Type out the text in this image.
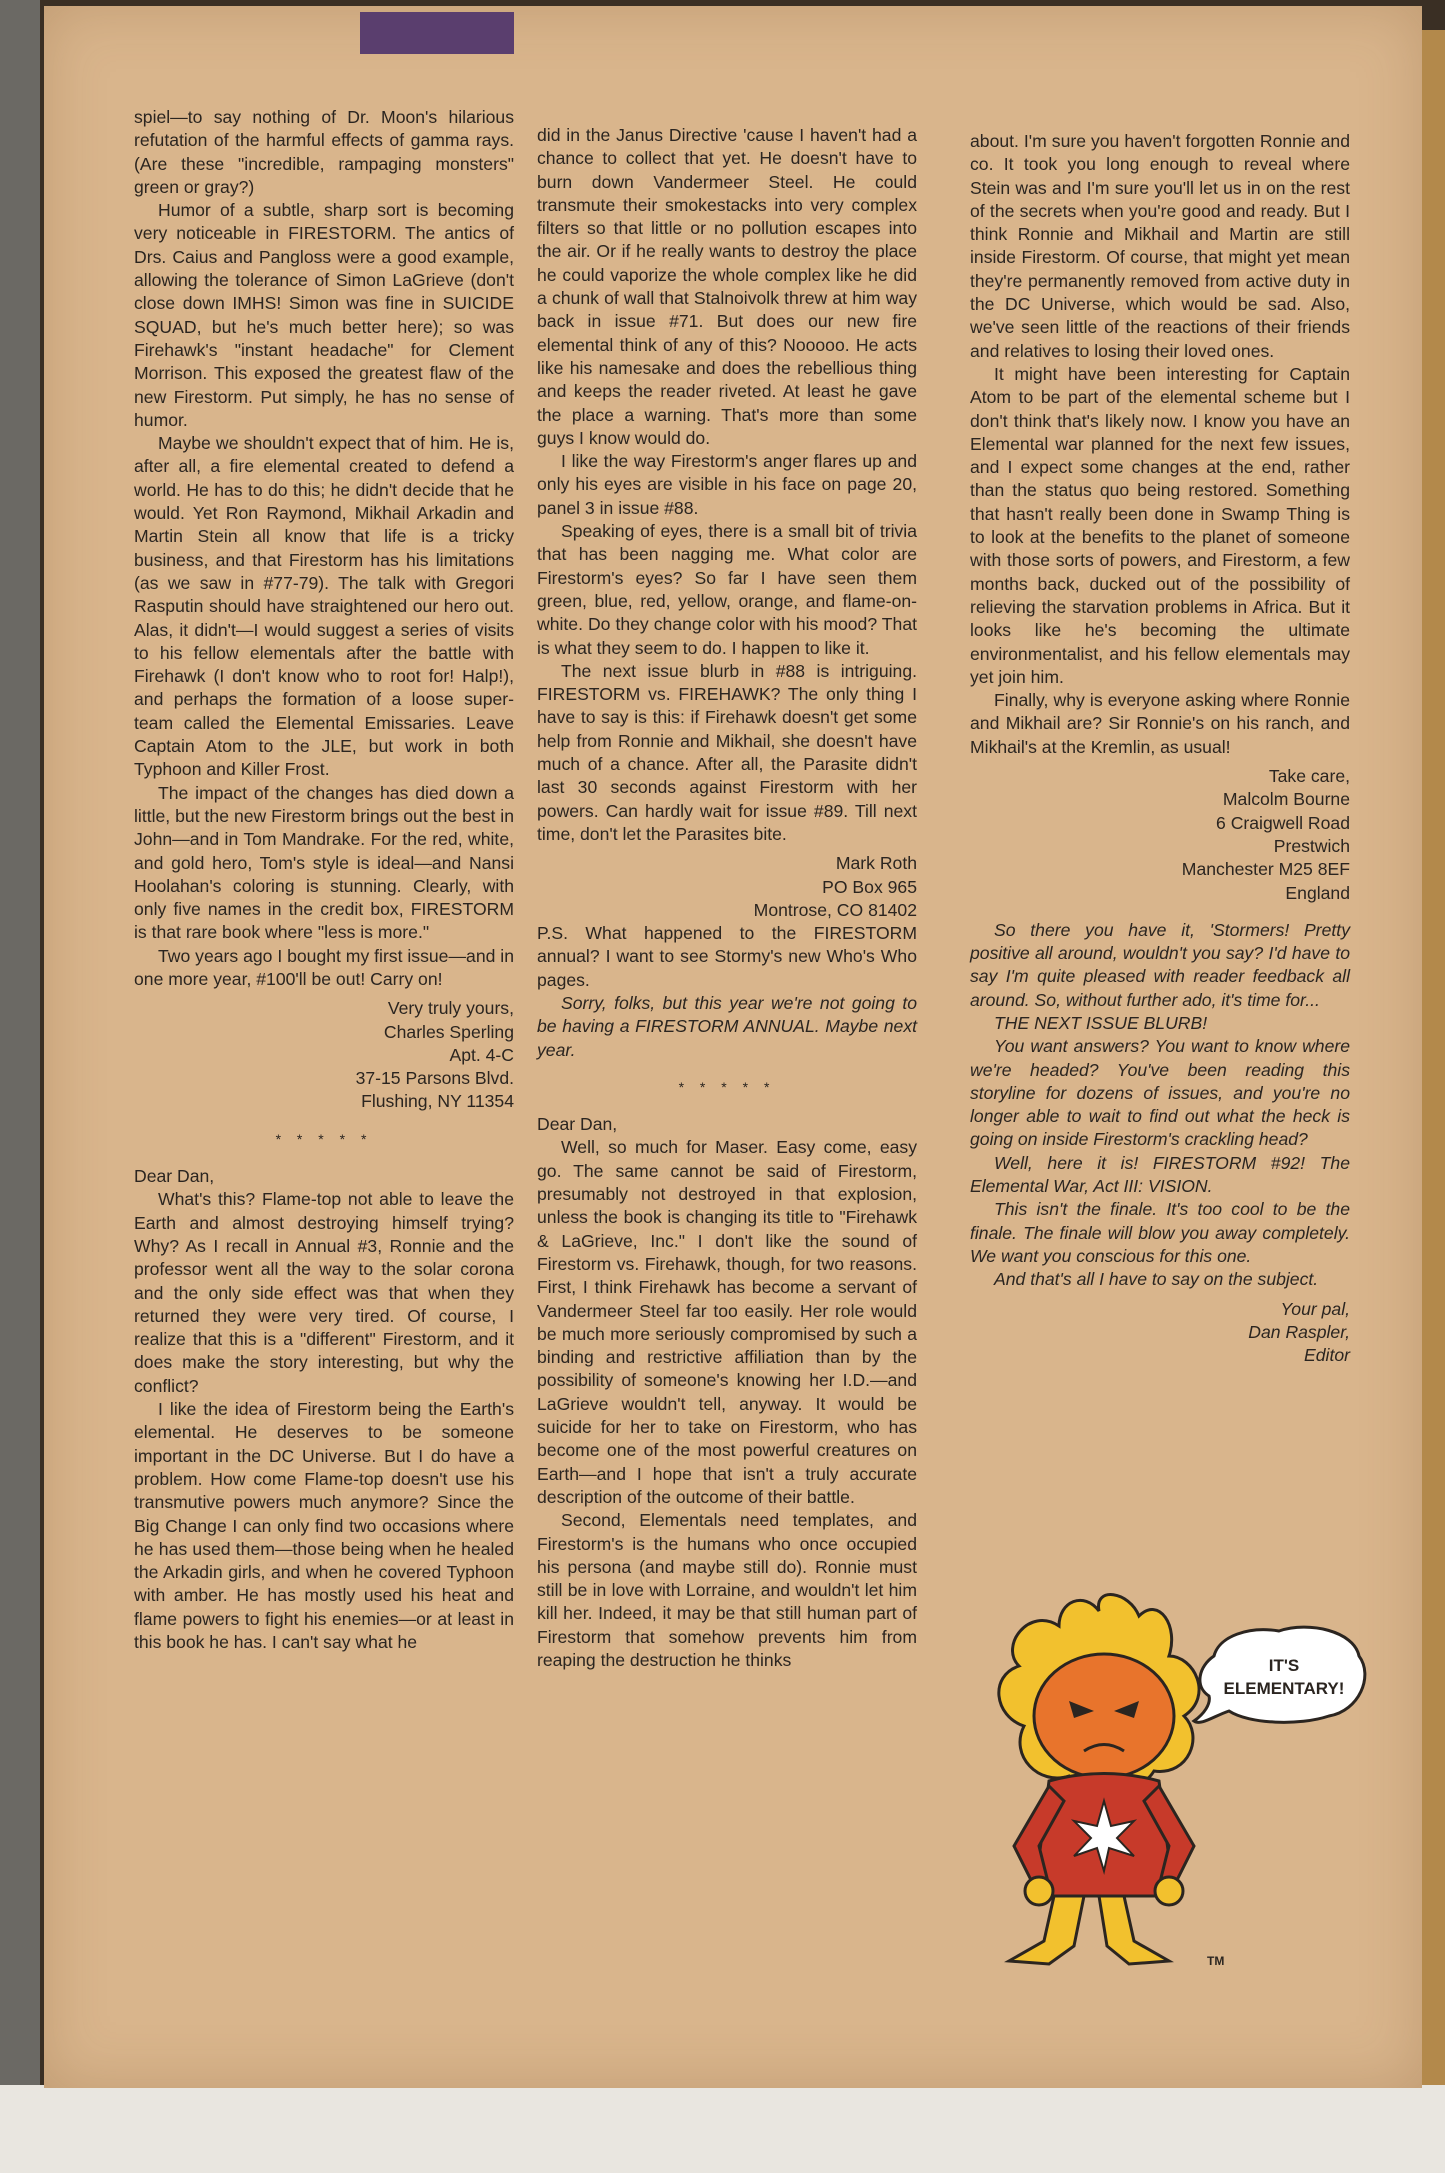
spiel—to say nothing of Dr. Moon's hilarious refutation of the harmful effects of gamma rays. (Are these "incredible, rampaging monsters" green or gray?)

Humor of a subtle, sharp sort is becoming very noticeable in FIRESTORM. The antics of Drs. Caius and Pangloss were a good example, allowing the tolerance of Simon LaGrieve (don't close down IMHS! Simon was fine in SUICIDE SQUAD, but he's much better here); so was Firehawk's "instant headache" for Clement Morrison. This exposed the greatest flaw of the new Firestorm. Put simply, he has no sense of humor.

Maybe we shouldn't expect that of him. He is, after all, a fire elemental created to defend a world. He has to do this; he didn't decide that he would. Yet Ron Raymond, Mikhail Arkadin and Martin Stein all know that life is a tricky business, and that Firestorm has his limitations (as we saw in #77-79). The talk with Gregori Rasputin should have straightened our hero out. Alas, it didn't—I would suggest a series of visits to his fellow elementals after the battle with Firehawk (I don't know who to root for! Halp!), and perhaps the formation of a loose super-team called the Elemental Emissaries. Leave Captain Atom to the JLE, but work in both Typhoon and Killer Frost.

The impact of the changes has died down a little, but the new Firestorm brings out the best in John—and in Tom Mandrake. For the red, white, and gold hero, Tom's style is ideal—and Nansi Hoolahan's coloring is stunning. Clearly, with only five names in the credit box, FIRESTORM is that rare book where "less is more."

Two years ago I bought my first issue—and in one more year, #100'll be out! Carry on!

Very truly yours,
Charles Sperling
Apt. 4-C
37-15 Parsons Blvd.
Flushing, NY 11354
* * * * *

Dear Dan,

What's this? Flame-top not able to leave the Earth and almost destroying himself trying? Why? As I recall in Annual #3, Ronnie and the professor went all the way to the solar corona and the only side effect was that when they returned they were very tired. Of course, I realize that this is a "different" Firestorm, and it does make the story interesting, but why the conflict?

I like the idea of Firestorm being the Earth's elemental. He deserves to be someone important in the DC Universe. But I do have a problem. How come Flame-top doesn't use his transmutive powers much anymore? Since the Big Change I can only find two occasions where he has used them—those being when he healed the Arkadin girls, and when he covered Typhoon with amber. He has mostly used his heat and flame powers to fight his enemies—or at least in this book he has. I can't say what he

did in the Janus Directive 'cause I haven't had a chance to collect that yet. He doesn't have to burn down Vandermeer Steel. He could transmute their smokestacks into very complex filters so that little or no pollution escapes into the air. Or if he really wants to destroy the place he could vaporize the whole complex like he did a chunk of wall that Stalnoivolk threw at him way back in issue #71. But does our new fire elemental think of any of this? Nooooo. He acts like his namesake and does the rebellious thing and keeps the reader riveted. At least he gave the place a warning. That's more than some guys I know would do.

I like the way Firestorm's anger flares up and only his eyes are visible in his face on page 20, panel 3 in issue #88.

Speaking of eyes, there is a small bit of trivia that has been nagging me. What color are Firestorm's eyes? So far I have seen them green, blue, red, yellow, orange, and flame-on-white. Do they change color with his mood? That is what they seem to do. I happen to like it.

The next issue blurb in #88 is intriguing. FIRESTORM vs. FIREHAWK? The only thing I have to say is this: if Firehawk doesn't get some help from Ronnie and Mikhail, she doesn't have much of a chance. After all, the Parasite didn't last 30 seconds against Firestorm with her powers. Can hardly wait for issue #89. Till next time, don't let the Parasites bite.

Mark Roth
PO Box 965
Montrose, CO 81402

P.S. What happened to the FIRESTORM annual? I want to see Stormy's new Who's Who pages.

Sorry, folks, but this year we're not going to be having a FIRESTORM ANNUAL. Maybe next year.

* * * * *

Dear Dan,

Well, so much for Maser. Easy come, easy go. The same cannot be said of Firestorm, presumably not destroyed in that explosion, unless the book is changing its title to "Firehawk & LaGrieve, Inc." I don't like the sound of Firestorm vs. Firehawk, though, for two reasons. First, I think Firehawk has become a servant of Vandermeer Steel far too easily. Her role would be much more seriously compromised by such a binding and restrictive affiliation than by the possibility of someone's knowing her I.D.—and LaGrieve wouldn't tell, anyway. It would be suicide for her to take on Firestorm, who has become one of the most powerful creatures on Earth—and I hope that isn't a truly accurate description of the outcome of their battle.

Second, Elementals need templates, and Firestorm's is the humans who once occupied his persona (and maybe still do). Ronnie must still be in love with Lorraine, and wouldn't let him kill her. Indeed, it may be that still human part of Firestorm that somehow prevents him from reaping the destruction he thinks

about. I'm sure you haven't forgotten Ronnie and co. It took you long enough to reveal where Stein was and I'm sure you'll let us in on the rest of the secrets when you're good and ready. But I think Ronnie and Mikhail and Martin are still inside Firestorm. Of course, that might yet mean they're permanently removed from active duty in the DC Universe, which would be sad. Also, we've seen little of the reactions of their friends and relatives to losing their loved ones.

It might have been interesting for Captain Atom to be part of the elemental scheme but I don't think that's likely now. I know you have an Elemental war planned for the next few issues, and I expect some changes at the end, rather than the status quo being restored. Something that hasn't really been done in Swamp Thing is to look at the benefits to the planet of someone with those sorts of powers, and Firestorm, a few months back, ducked out of the possibility of relieving the starvation problems in Africa. But it looks like he's becoming the ultimate environmentalist, and his fellow elementals may yet join him.

Finally, why is everyone asking where Ronnie and Mikhail are? Sir Ronnie's on his ranch, and Mikhail's at the Kremlin, as usual!

Take care,
Malcolm Bourne
6 Craigwell Road
Prestwich
Manchester M25 8EF
England

So there you have it, 'Stormers! Pretty positive all around, wouldn't you say? I'd have to say I'm quite pleased with reader feedback all around. So, without further ado, it's time for...

THE NEXT ISSUE BLURB!

You want answers? You want to know where we're headed? You've been reading this storyline for dozens of issues, and you're no longer able to wait to find out what the heck is going on inside Firestorm's crackling head?

Well, here it is! FIRESTORM #92! The Elemental War, Act III: VISION.

This isn't the finale. It's too cool to be the finale. The finale will blow you away completely. We want you conscious for this one.

And that's all I have to say on the subject.

Your pal,
Dan Raspler,
Editor
IT'S
ELEMENTARY!
TM
